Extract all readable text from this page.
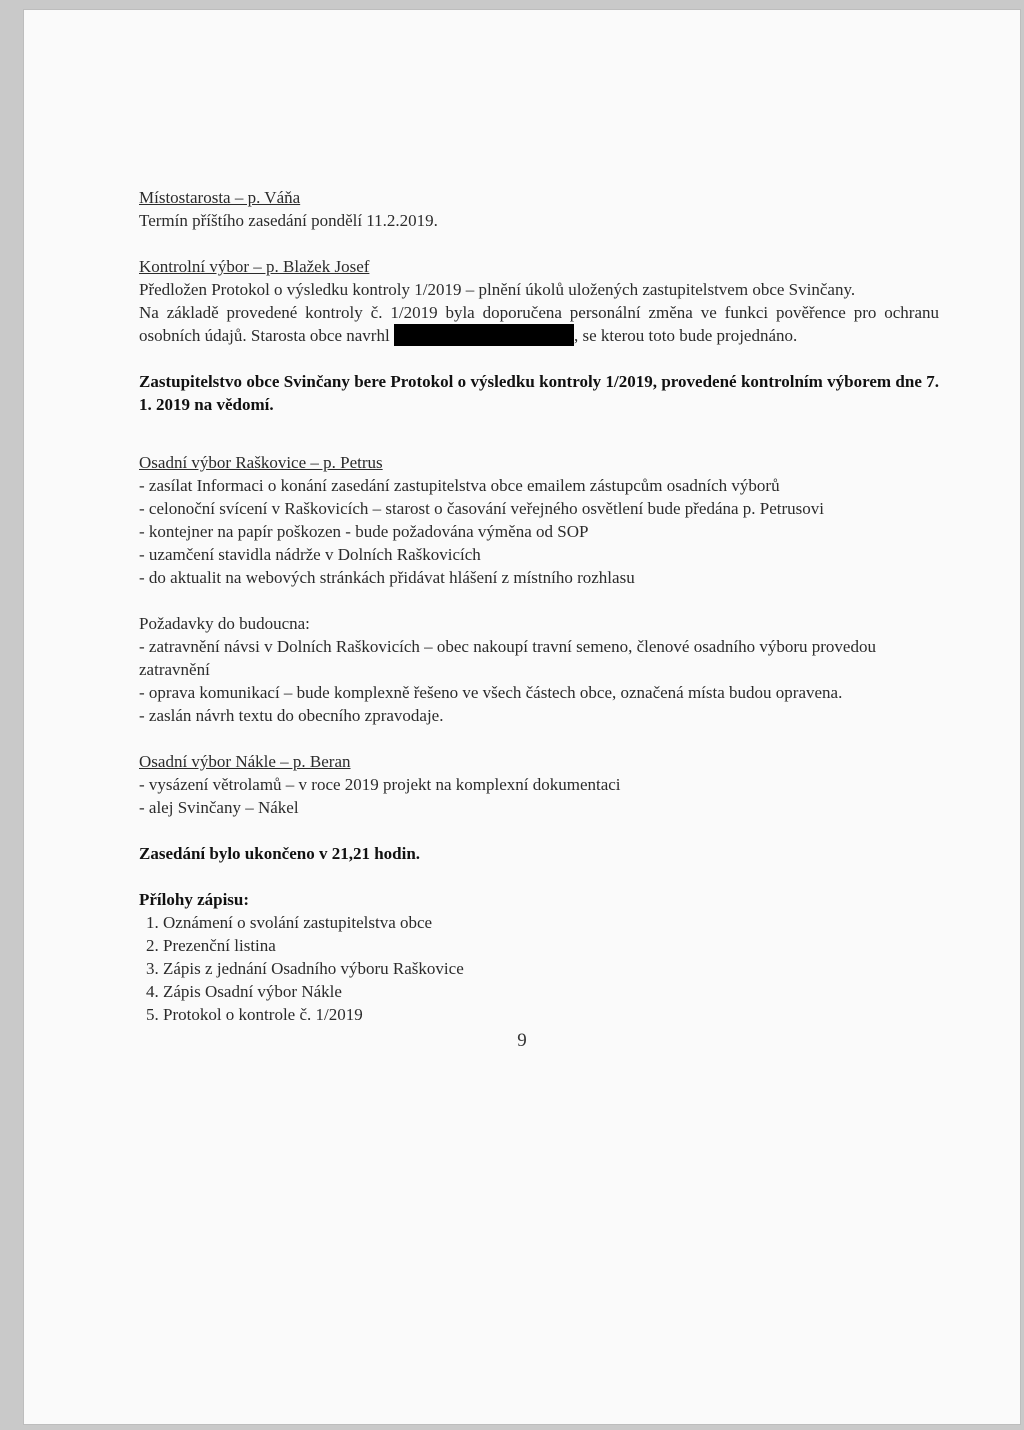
Místostarosta – p. Váňa
Termín příštího zasedání pondělí 11.2.2019.
Kontrolní výbor – p. Blažek Josef
Předložen Protokol o výsledku kontroly 1/2019 – plnění úkolů uložených zastupitelstvem obce Svinčany.
Na základě provedené kontroly č. 1/2019 byla doporučena personální změna ve funkci pověřence pro ochranu osobních údajů. Starosta obce navrhl	, se kterou toto bude projednáno.
Zastupitelstvo obce Svinčany bere Protokol o výsledku kontroly 1/2019, provedené kontrolním výborem dne 7. 1. 2019 na vědomí.
Osadní výbor Raškovice – p. Petrus
- zasílat Informaci o konání zasedání zastupitelstva obce emailem zástupcům osadních výborů
- celonoční svícení v Raškovicích – starost o časování veřejného osvětlení bude předána p. Petrusovi
- kontejner na papír poškozen - bude požadována výměna od SOP
- uzamčení stavidla nádrže v Dolních Raškovicích
- do aktualit na webových stránkách přidávat hlášení z místního rozhlasu
Požadavky do budoucna:
- zatravnění návsi v Dolních Raškovicích – obec nakoupí travní semeno, členové osadního výboru provedou zatravnění
- oprava komunikací – bude komplexně řešeno ve všech částech obce, označená místa budou opravena.
- zaslán návrh textu do obecního zpravodaje.
Osadní výbor Nákle – p. Beran
- vysázení větrolamů – v roce 2019 projekt na komplexní dokumentaci
- alej Svinčany – Nákel
Zasedání bylo ukončeno v 21,21 hodin.
Přílohy zápisu:
1. Oznámení o svolání zastupitelstva obce
2. Prezenční listina
3. Zápis z jednání Osadního výboru Raškovice
4. Zápis Osadní výbor Nákle
5. Protokol o kontrole č. 1/2019
9
